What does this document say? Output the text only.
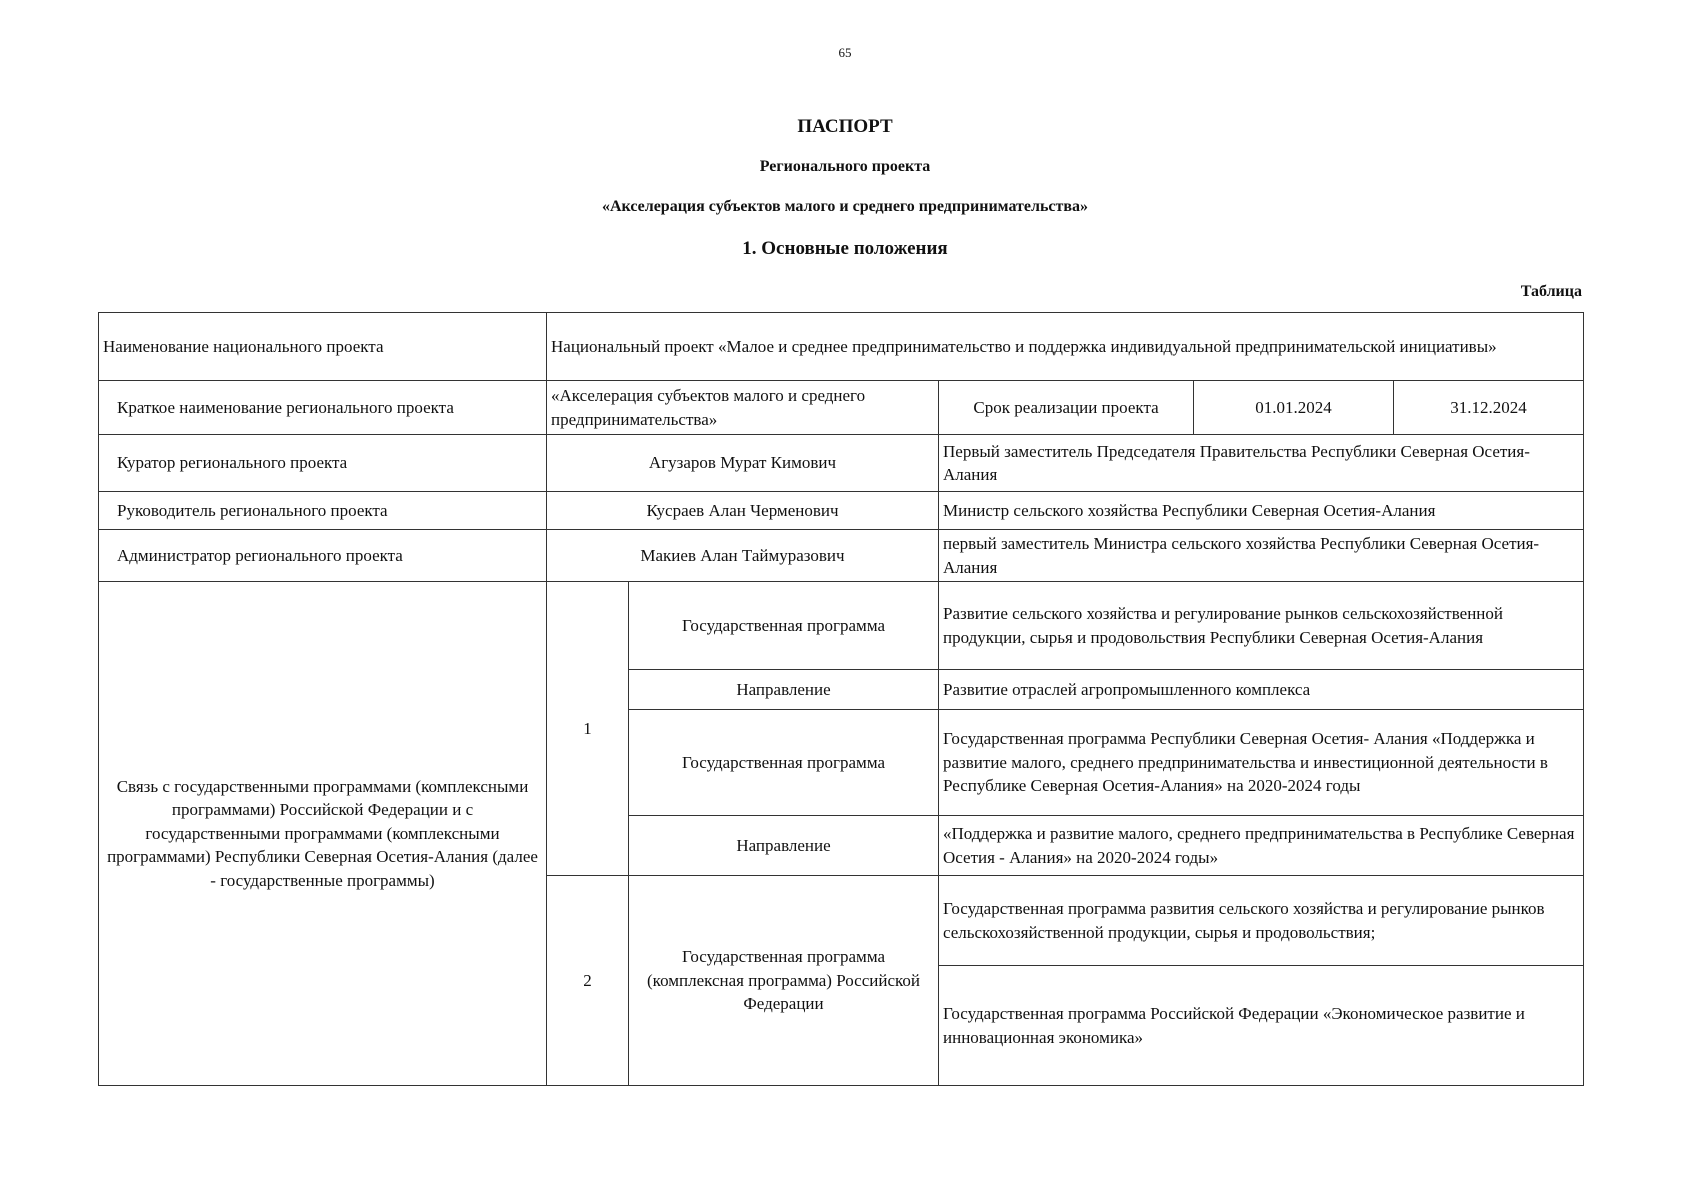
65
ПАСПОРТ
Регионального проекта
«Акселерация субъектов малого и среднего предпринимательства»
1. Основные положения
Таблица
Наименование национального проекта	Национальный проект «Малое и среднее предпринимательство и поддержка индивидуальной предпринимательской инициативы»				
Краткое наименование регионального проекта	«Акселерация субъектов малого и среднего предпринимательства»		Срок реализации проекта	01.01.2024	31.12.2024
Куратор регионального проекта	Агузаров Мурат Кимович		Первый заместитель Председателя Правительства Республики Северная Осетия-Алания		
Руководитель регионального проекта	Кусраев Алан Черменович		Министр сельского хозяйства Республики Северная Осетия-Алания		
Администратор регионального проекта	Макиев Алан Таймуразович		первый заместитель Министра сельского хозяйства Республики Северная Осетия-Алания		
Связь с государственными программами (комплексными программами) Российской Федерации и с государственными программами (комплексными программами) Республики Северная Осетия-Алания (далее - государственные программы)	1	Государственная программа	Развитие сельского хозяйства и регулирование рынков сельскохозяйственной продукции, сырья и продовольствия Республики Северная Осетия-Алания		
		Направление	Развитие отраслей агропромышленного комплекса		
		Государственная программа	Государственная программа Республики Северная Осетия- Алания «Поддержка и развитие малого, среднего предпринимательства и инвестиционной деятельности в Республике Северная Осетия-Алания» на 2020-2024 годы		
		Направление	«Поддержка и развитие малого, среднего предпринимательства в Республике Северная Осетия - Алания» на 2020-2024 годы»		
	2	Государственная программа (комплексная программа) Российской Федерации	Государственная программа развития сельского хозяйства и регулирование рынков сельскохозяйственной продукции, сырья и продовольствия;		
			Государственная программа Российской Федерации «Экономическое развитие и инновационная экономика»		
